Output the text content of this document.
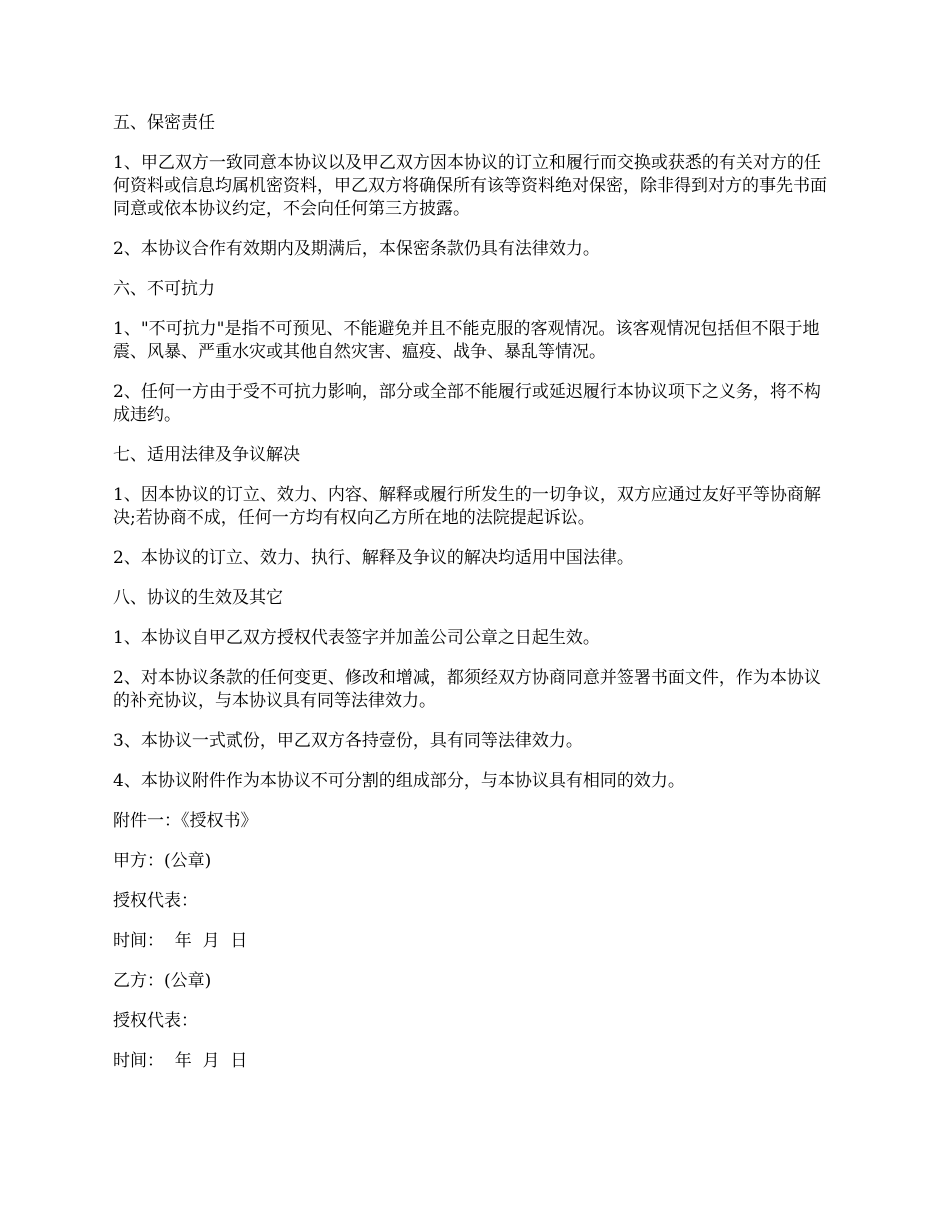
五、保密责任

1、甲乙双方一致同意本协议以及甲乙双方因本协议的订立和履行而交换或获悉的有关对方的任何资料或信息均属机密资料，甲乙双方将确保所有该等资料绝对保密，除非得到对方的事先书面同意或依本协议约定，不会向任何第三方披露。

2、本协议合作有效期内及期满后，本保密条款仍具有法律效力。

六、不可抗力

1、"不可抗力"是指不可预见、不能避免并且不能克服的客观情况。该客观情况包括但不限于地震、风暴、严重水灾或其他自然灾害、瘟疫、战争、暴乱等情况。

2、任何一方由于受不可抗力影响，部分或全部不能履行或延迟履行本协议项下之义务，将不构成违约。

七、适用法律及争议解决

1、因本协议的订立、效力、内容、解释或履行所发生的一切争议，双方应通过友好平等协商解决;若协商不成，任何一方均有权向乙方所在地的法院提起诉讼。

2、本协议的订立、效力、执行、解释及争议的解决均适用中国法律。

八、协议的生效及其它

1、本协议自甲乙双方授权代表签字并加盖公司公章之日起生效。

2、对本协议条款的任何变更、修改和增减，都须经双方协商同意并签署书面文件，作为本协议的补充协议，与本协议具有同等法律效力。

3、本协议一式贰份，甲乙双方各持壹份，具有同等法律效力。

4、本协议附件作为本协议不可分割的组成部分，与本协议具有相同的效力。

附件一：《授权书》

甲方：(公章)

授权代表：

时间：  年  月  日

乙方：(公章)

授权代表：

时间：  年  月  日
